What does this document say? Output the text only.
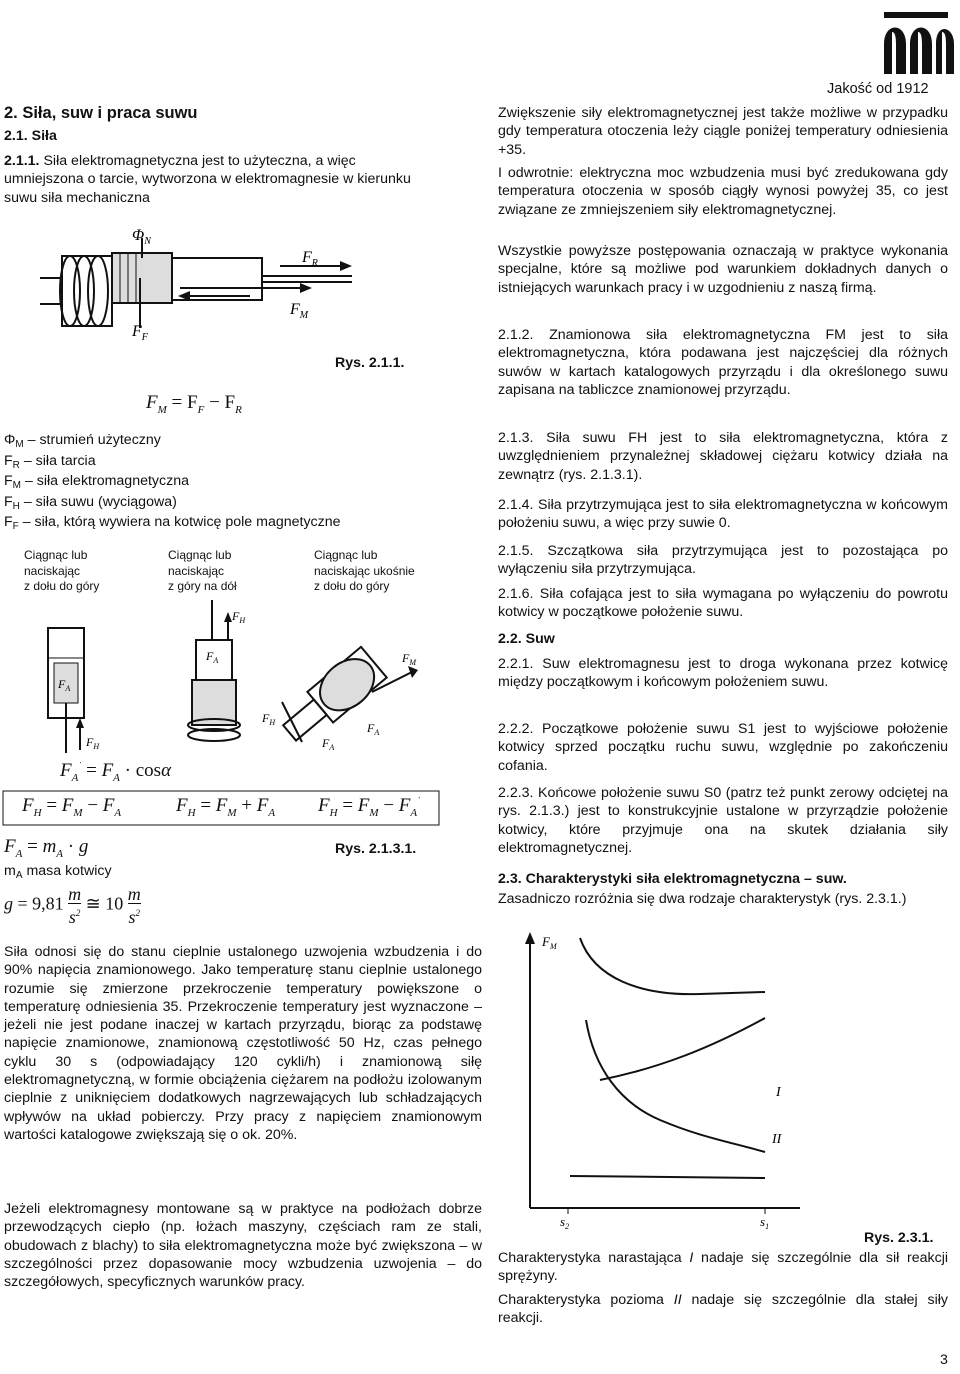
Jakość od 1912
2. Siła, suw i praca suwu
2.1. Siła
2.1.1. Siła elektromagnetyczna jest to użyteczna, a więc umniejszona o tarcie, wytworzona w elektromagnesie w kierunku suwu siła mechaniczna
$\Phi_N$
$F_R$
$F_M$
$F_F$
Rys. 2.1.1.
$F_M = F_F - F_R$
$\Phi_M$ – strumień użyteczny
$F_R$ – siła tarcia
$F_M$ – siła elektromagnetyczna
$F_H$ – siła suwu (wyciągowa)
$F_F$ – siła, którą wywiera na kotwicę pole magnetyczne
Ciągnąc lub
naciskając
z dołu do góry
Ciągnąc lub
naciskając
z góry na dół
Ciągnąc lub
naciskając ukośnie
z dołu do góry
$F_A$
$F_H$
$F_H$
$F_A$
$F_H$
$F_A$
$F_A$
$F_M$
$F_A^` = F_A \cdot \cos\alpha$
$F_H = F_M - F_A$	$F_H = F_M + F_A$ $F_H = F_M - F_A^`$
$F_A = m_A \cdot g$	Rys. 2.1.3.1.
$m_A$ masa kotwicy
$g = 9,81 \frac{m}{s^2}$ ≅ $10 \frac{m}{s^2}$
Siła odnosi się do stanu cieplnie ustalonego uzwojenia wzbudzenia i do 90% napięcia znamionowego. Jako temperaturę stanu cieplnie ustalonego rozumie się zmierzone przekroczenie temperatury powiększone o temperaturę odniesienia 35. Przekroczenie temperatury jest wyznaczone – jeżeli nie jest podane inaczej w kartach przyrządu, biorąc za podstawę napięcie znamionowe, znamionową częstotliwość 50 Hz, czas pełnego cyklu 30 s (odpowiadający 120 cykli/h) i znamionową siłę elektromagnetyczną, w formie obciążenia ciężarem na podłożu izolowanym cieplnie z uniknięciem dodatkowych nagrzewających lub schładzających wpływów na układ pobierczy. Przy pracy z napięciem znamionowym wartości katalogowe zwiększają się o ok. 20%.
Jeżeli elektromagnesy montowane są w praktyce na podłożach dobrze przewodzących ciepło (np. łożach maszyny, częściach ram ze stali, obudowach z blachy) to siła elektromagnetyczna może być zwiększona – w szczególności przez dopasowanie mocy wzbudzenia uzwojenia – do szczegółowych, specyficznych warunków pracy.
Zwiększenie siły elektromagnetycznej jest także możliwe w przypadku gdy temperatura otoczenia leży ciągle poniżej temperatury odniesienia +35.
I odwrotnie: elektryczna moc wzbudzenia musi być zredukowana gdy temperatura otoczenia w sposób ciągły wynosi powyżej 35, co jest związane ze zmniejszeniem siły elektromagnetycznej.
Wszystkie powyższe postępowania oznaczają w praktyce wykonania specjalne, które są możliwe pod warunkiem dokładnych danych o istniejących warunkach pracy i w uzgodnieniu z naszą firmą.
2.1.2. Znamionowa siła elektromagnetyczna FM jest to siła elektromagnetyczna, która podawana jest najczęściej dla różnych suwów w kartach katalogowych przyrządu i dla określonego suwu zapisana na tabliczce znamionowej przyrządu.
2.1.3. Siła suwu FH jest to siła elektromagnetyczna, która z uwzględnieniem przynależnej składowej ciężaru kotwicy działa na zewnątrz (rys. 2.1.3.1).
2.1.4. Siła przytrzymująca jest to siła elektromagnetyczna w końcowym położeniu suwu, a więc przy suwie 0.
2.1.5. Szczątkowa siła przytrzymująca jest to pozostająca po wyłączeniu siła przytrzymująca.
2.1.6. Siła cofająca jest to siła wymagana po wyłączeniu do powrotu kotwicy w początkowe położenie suwu.
2.2. Suw
2.2.1. Suw elektromagnesu jest to droga wykonana przez kotwicę między początkowym i końcowym położeniem suwu.
2.2.2. Początkowe położenie suwu S1 jest to wyjściowe położenie kotwicy sprzed początku ruchu suwu, względnie po zakończeniu cofania.
2.2.3. Końcowe położenie suwu S0 (patrz też punkt zerowy odciętej na rys. 2.1.3.) jest to konstrukcyjnie ustalone w przyrządzie położenie kotwicy, które przyjmuje ona na skutek działania siły elektromagnetycznej.
2.3. Charakterystyki siła elektromagnetyczna – suw.
Zasadniczo rozróżnia się dwa rodzaje charakterystyk (rys. 2.3.1.)
$F_M$
I
II
$s_2$	$s_1$
Rys. 2.3.1.
Charakterystyka narastająca I nadaje się szczególnie dla sił reakcji sprężyny.
Charakterystyka pozioma II nadaje się szczególnie dla stałej siły reakcji.
3
